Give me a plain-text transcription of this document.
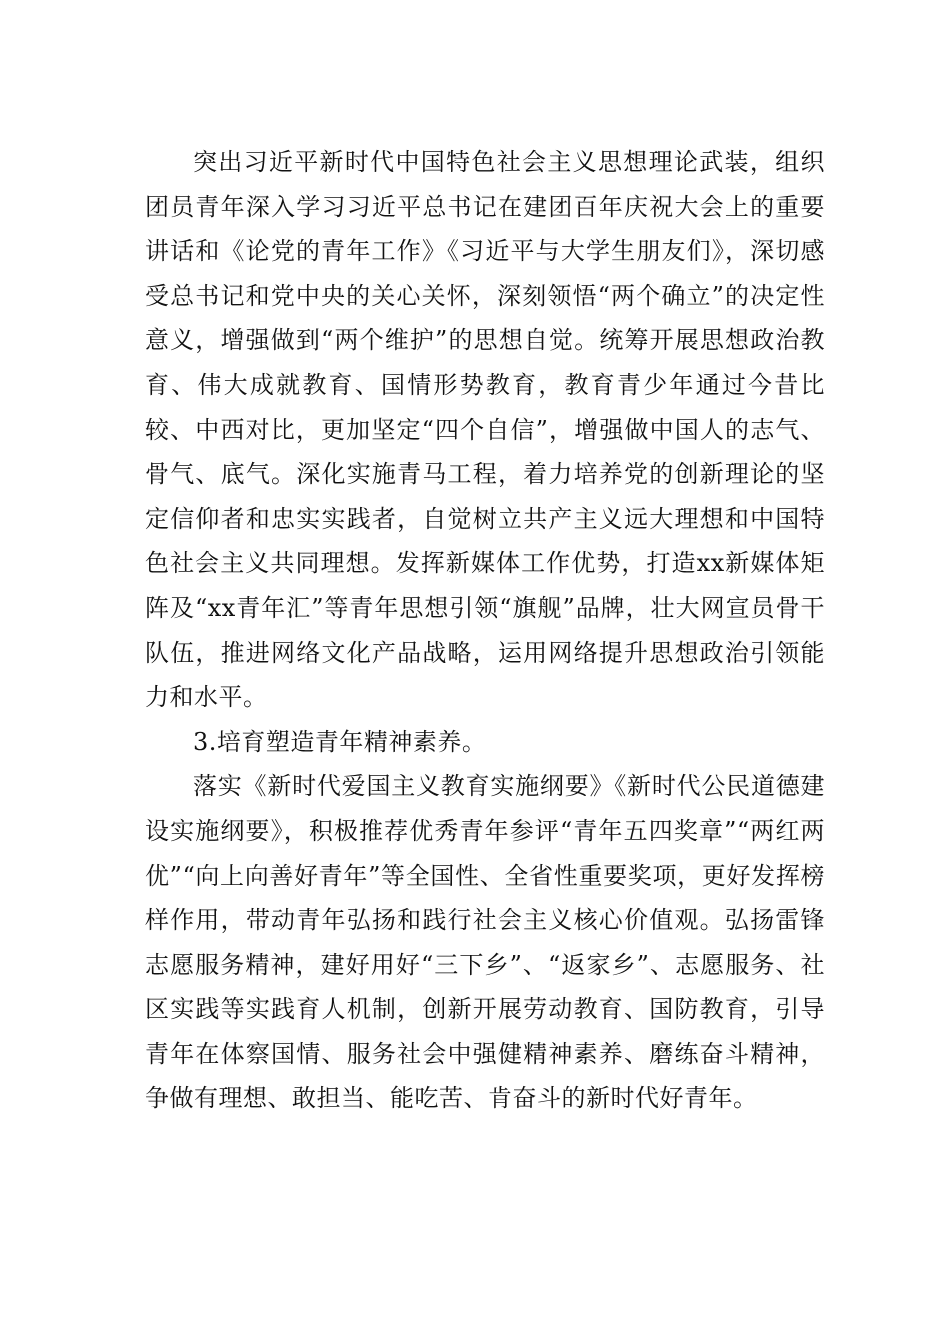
突出习近平新时代中国特色社会主义思想理论武装，组织团员青年深入学习习近平总书记在建团百年庆祝大会上的重要讲话和《论党的青年工作》《习近平与大学生朋友们》，深切感受总书记和党中央的关心关怀，深刻领悟“两个确立”的决定性意义，增强做到“两个维护”的思想自觉。统筹开展思想政治教育、伟大成就教育、国情形势教育，教育青少年通过今昔比较、中西对比，更加坚定“四个自信”，增强做中国人的志气、骨气、底气。深化实施青马工程，着力培养党的创新理论的坚定信仰者和忠实实践者，自觉树立共产主义远大理想和中国特色社会主义共同理想。发挥新媒体工作优势，打造xx新媒体矩阵及“xx青年汇”等青年思想引领“旗舰”品牌，壮大网宣员骨干队伍，推进网络文化产品战略，运用网络提升思想政治引领能力和水平。

3.培育塑造青年精神素养。

落实《新时代爱国主义教育实施纲要》《新时代公民道德建设实施纲要》，积极推荐优秀青年参评“青年五四奖章”“两红两优”“向上向善好青年”等全国性、全省性重要奖项，更好发挥榜样作用，带动青年弘扬和践行社会主义核心价值观。弘扬雷锋志愿服务精神，建好用好“三下乡”、“返家乡”、志愿服务、社区实践等实践育人机制，创新开展劳动教育、国防教育，引导青年在体察国情、服务社会中强健精神素养、磨练奋斗精神，争做有理想、敢担当、能吃苦、肯奋斗的新时代好青年。
